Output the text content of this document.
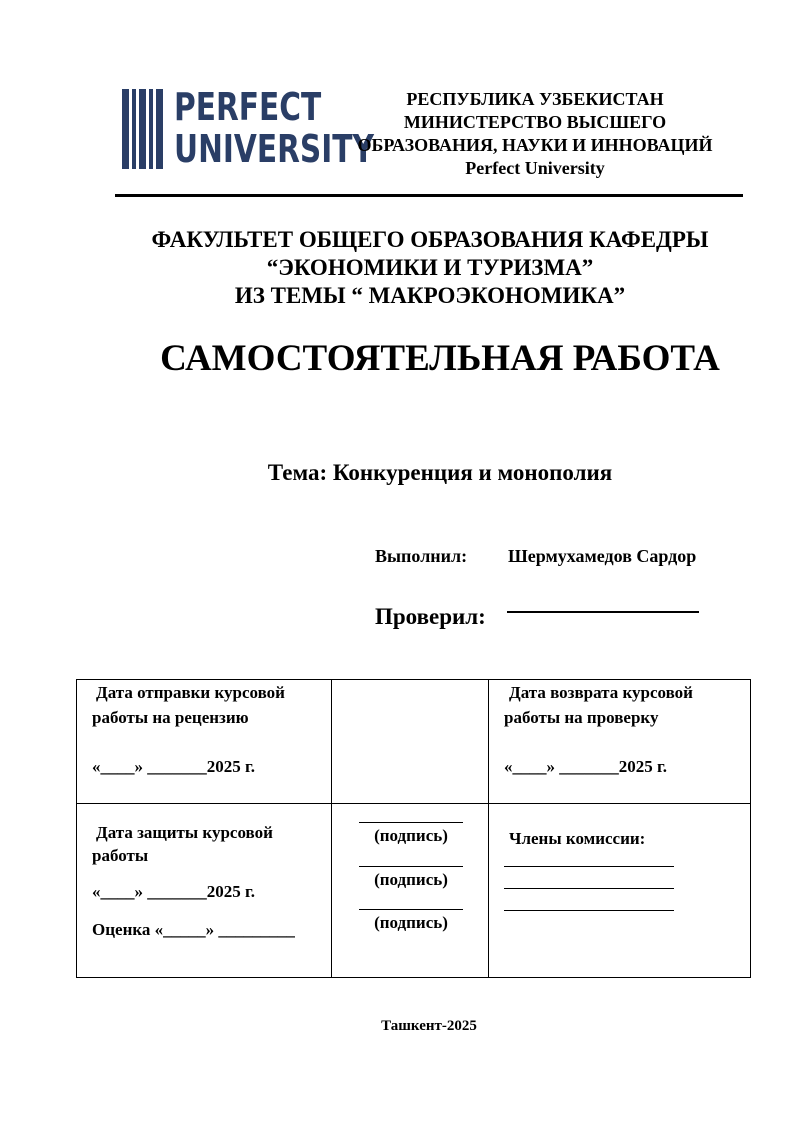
PERFECT
UNIVERSITY
РЕСПУБЛИКА УЗБЕКИСТАН
МИНИСТЕРСТВО ВЫСШЕГО
ОБРАЗОВАНИЯ, НАУКИ И ИННОВАЦИЙ
Perfect University
ФАКУЛЬТЕТ ОБЩЕГО ОБРАЗОВАНИЯ КАФЕДРЫ
“ЭКОНОМИКИ И ТУРИЗМА”
ИЗ ТЕМЫ “ МАКРОЭКОНОМИКА”
САМОСТОЯТЕЛЬНАЯ РАБОТА
Тема: Конкуренция и монополия
Выполнил: Шермухамедов Сардор
Проверил:
Дата отправки курсовой
работы на рецензию
«____» _______2025 г.
Дата возврата курсовой
работы на проверку
«____» _______2025 г.
Дата защиты курсовой
работы
«____» _______2025 г.
Оценка «_____» _________
(подпись)
(подпись)
(подпись)
Члены комиссии:
Ташкент-2025
